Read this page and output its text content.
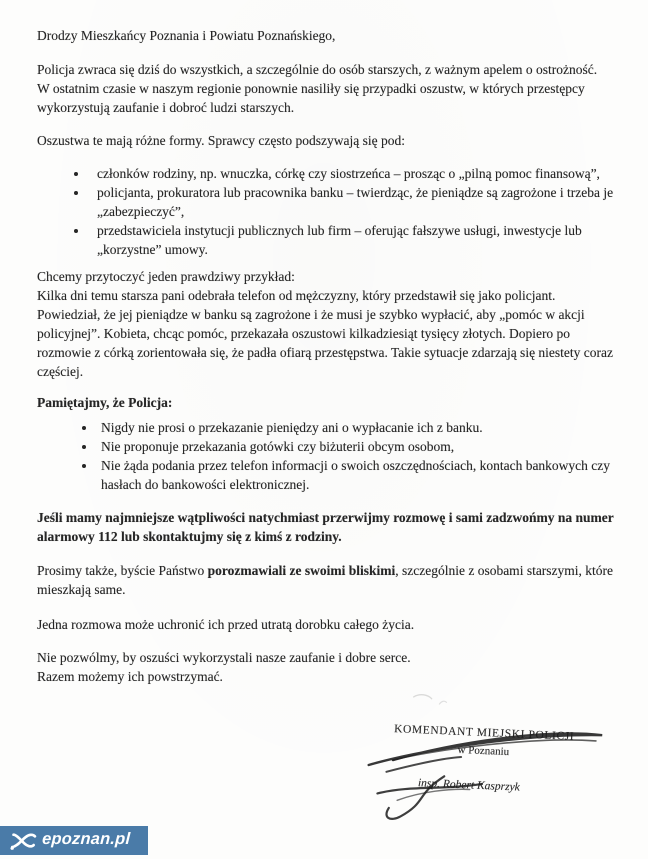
Drodzy Mieszkańcy Poznania i Powiatu Poznańskiego,

Policja zwraca się dziś do wszystkich, a szczególnie do osób starszych, z ważnym apelem o ostrożność.
W ostatnim czasie w naszym regionie ponownie nasiliły się przypadki oszustw, w których przestępcy wykorzystują zaufanie i dobroć ludzi starszych.

Oszustwa te mają różne formy. Sprawcy często podszywają się pod:

• członków rodziny, np. wnuczka, córkę czy siostrzeńca – prosząc o „pilną pomoc finansową”,
• policjanta, prokuratora lub pracownika banku – twierdząc, że pieniądze są zagrożone i trzeba je „zabezpieczyć”,
• przedstawiciela instytucji publicznych lub firm – oferując fałszywe usługi, inwestycje lub „korzystne” umowy.
Chcemy przytoczyć jeden prawdziwy przykład:
Kilka dni temu starsza pani odebrała telefon od mężczyzny, który przedstawił się jako policjant. Powiedział, że jej pieniądze w banku są zagrożone i że musi je szybko wypłacić, aby „pomóc w akcji policyjnej”. Kobieta, chcąc pomóc, przekazała oszustowi kilkadziesiąt tysięcy złotych. Dopiero po rozmowie z córką zorientowała się, że padła ofiarą przestępstwa. Takie sytuacje zdarzają się niestety coraz częściej.

Pamiętajmy, że Policja:

• Nigdy nie prosi o przekazanie pieniędzy ani o wypłacanie ich z banku.
• Nie proponuje przekazania gotówki czy biżuterii obcym osobom,
• Nie żąda podania przez telefon informacji o swoich oszczędnościach, kontach bankowych czy hasłach do bankowości elektronicznej.

Jeśli mamy najmniejsze wątpliwości natychmiast przerwijmy rozmowę i sami zadzwońmy na numer alarmowy 112 lub skontaktujmy się z kimś z rodziny.

Prosimy także, byście Państwo porozmawiali ze swoimi bliskimi, szczególnie z osobami starszymi, które mieszkają same.

Jedna rozmowa może uchronić ich przed utratą dorobku całego życia.

Nie pozwólmy, by oszuści wykorzystali nasze zaufanie i dobre serce.
Razem możemy ich powstrzymać.
KOMENDANT MIEJSKI POLICJI
w Poznaniu
insp. Robert Kasprzyk
epoznan.pl
